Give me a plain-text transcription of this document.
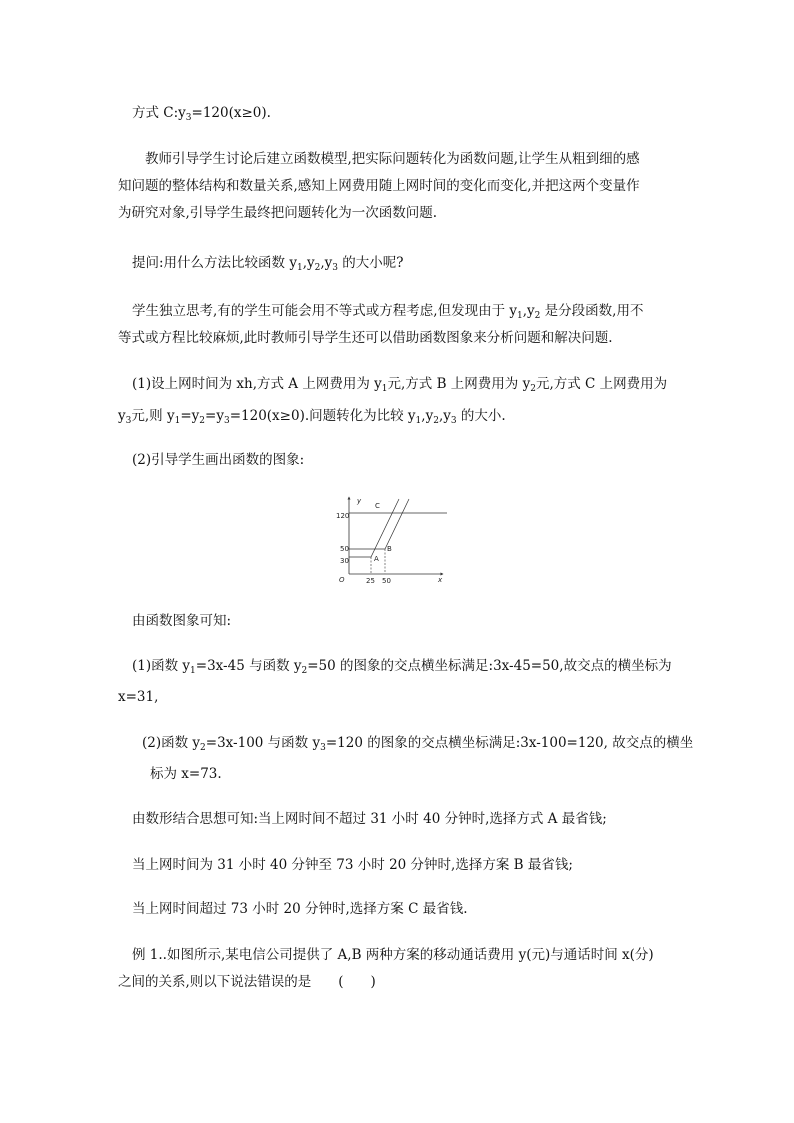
方式 $C:y_3=120(x\ge 0)$.

教师引导学生讨论后建立函数模型,把实际问题转化为函数问题,让学生从粗到细的感

知问题的整体结构和数量关系,感知上网费用随上网时间的变化而变化,并把这两个变量作

为研究对象,引导学生最终把问题转化为一次函数问题.

提问:用什么方法比较函数 $y_1,y_2,y_3$ 的大小呢?

学生独立思考,有的学生可能会用不等式或方程考虑,但发现由于 $y_1,y_2$ 是分段函数,用不

等式或方程比较麻烦,此时教师引导学生还可以借助函数图象来分析问题和解决问题.

(1)设上网时间为 xh,方式 A 上网费用为 $y_1$元,方式 B 上网费用为 $y_2$元,方式 C 上网费用为

$y_3$元,则 $y_1=y_2=y_3=120(x\ge 0)$.问题转化为比较 $y_1,y_2,y_3$ 的大小.

(2)引导学生画出函数的图象:

y
x
O
120
50
30
25 50
C
B
A

由函数图象可知:

(1)函数 $y_1=3x-45$ 与函数 $y_2=50$ 的图象的交点横坐标满足:3x-45=50,故交点的横坐标为

x=31,

(2)函数 $y_2=3x-100$ 与函数 $y_3=120$ 的图象的交点横坐标满足:3x-100=120, 故交点的横坐

标为 x=73.

由数形结合思想可知:当上网时间不超过 31 小时 40 分钟时,选择方式 A 最省钱;

当上网时间为 31 小时 40 分钟至 73 小时 20 分钟时,选择方案 B 最省钱;

当上网时间超过 73 小时 20 分钟时,选择方案 C 最省钱.

例 1..如图所示,某电信公司提供了 A,B 两种方案的移动通话费用 y(元)与通话时间 x(分)

之间的关系,则以下说法错误的是　　(　　)
